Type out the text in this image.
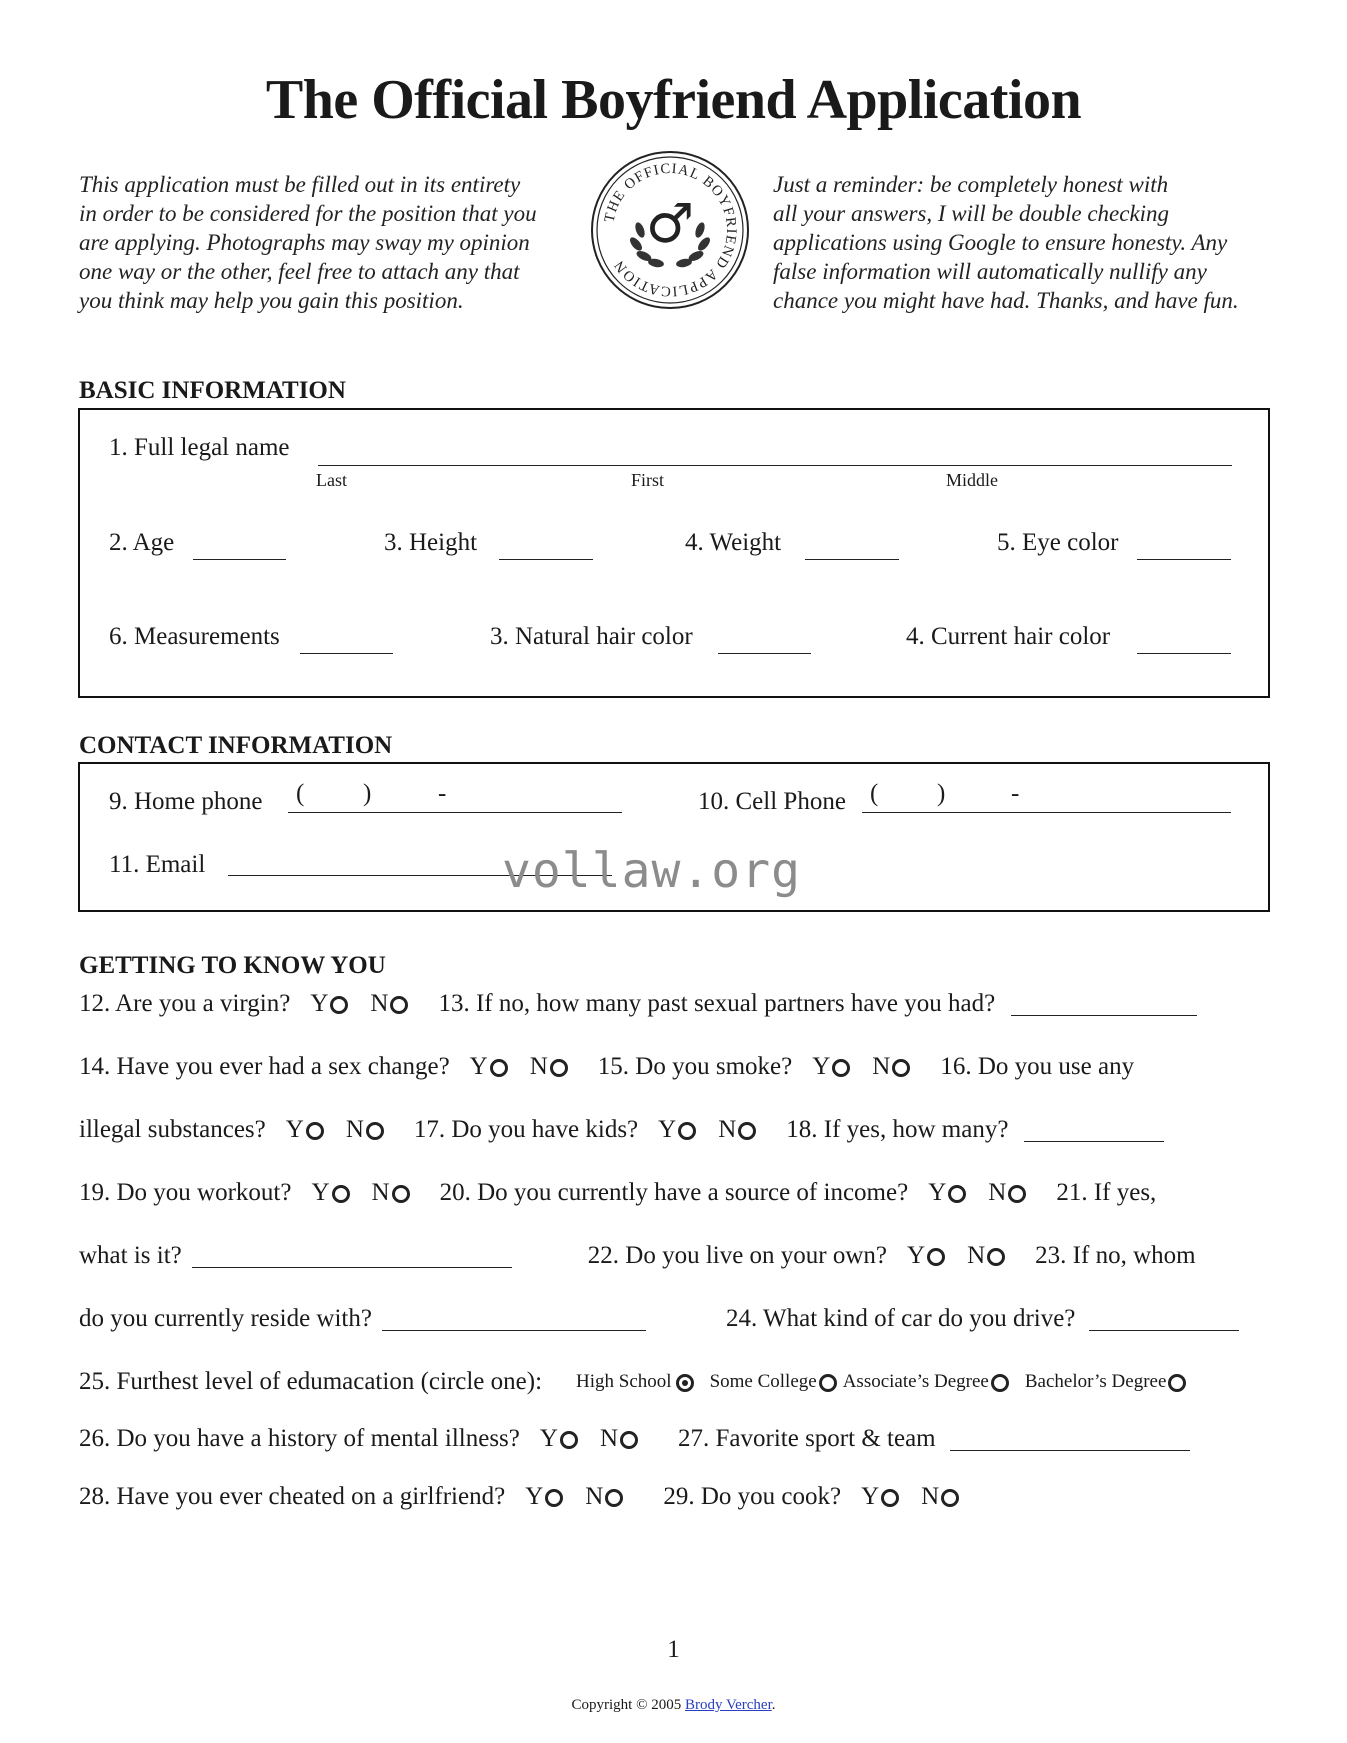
The Official Boyfriend Application
This application must be filled out in its entirety
in order to be considered for the position that you
are applying. Photographs may sway my opinion
one way or the other, feel free to attach any that
you think may help you gain this position.
THE OFFICIAL BOYFRIEND APPLICATION
♂
Just a reminder: be completely honest with
all your answers, I will be double checking
applications using Google to ensure honesty. Any
false information will automatically nullify any
chance you might have had. Thanks, and have fun.
BASIC INFORMATION
1. Full legal name
Last	First	Middle
2. Age	3. Height	4. Weight	5. Eye color
6. Measurements	3. Natural hair color	4. Current hair color
CONTACT INFORMATION
9. Home phone ( )	-	10. Cell Phone ( )	-
11. Email	vollaw.org
GETTING TO KNOW YOU
12. Are you a virgin? Y N 13. If no, how many past sexual partners have you had?
14. Have you ever had a sex change? Y N 15. Do you smoke? Y N 16. Do you use any
illegal substances? Y N 17. Do you have kids? Y N 18. If yes, how many?
19. Do you workout? Y N 20. Do you currently have a source of income? Y N 21. If yes,
what is it?	22. Do you live on your own? Y N 23. If no, whom
do you currently reside with?	24. What kind of car do you drive?
25. Furthest level of edumacation (circle one): High School Some College Associate’s Degree Bachelor’s Degree
26. Do you have a history of mental illness? Y N 27. Favorite sport & team
28. Have you ever cheated on a girlfriend? Y N 29. Do you cook? Y N
1
Copyright © 2005 Brody Vercher.
